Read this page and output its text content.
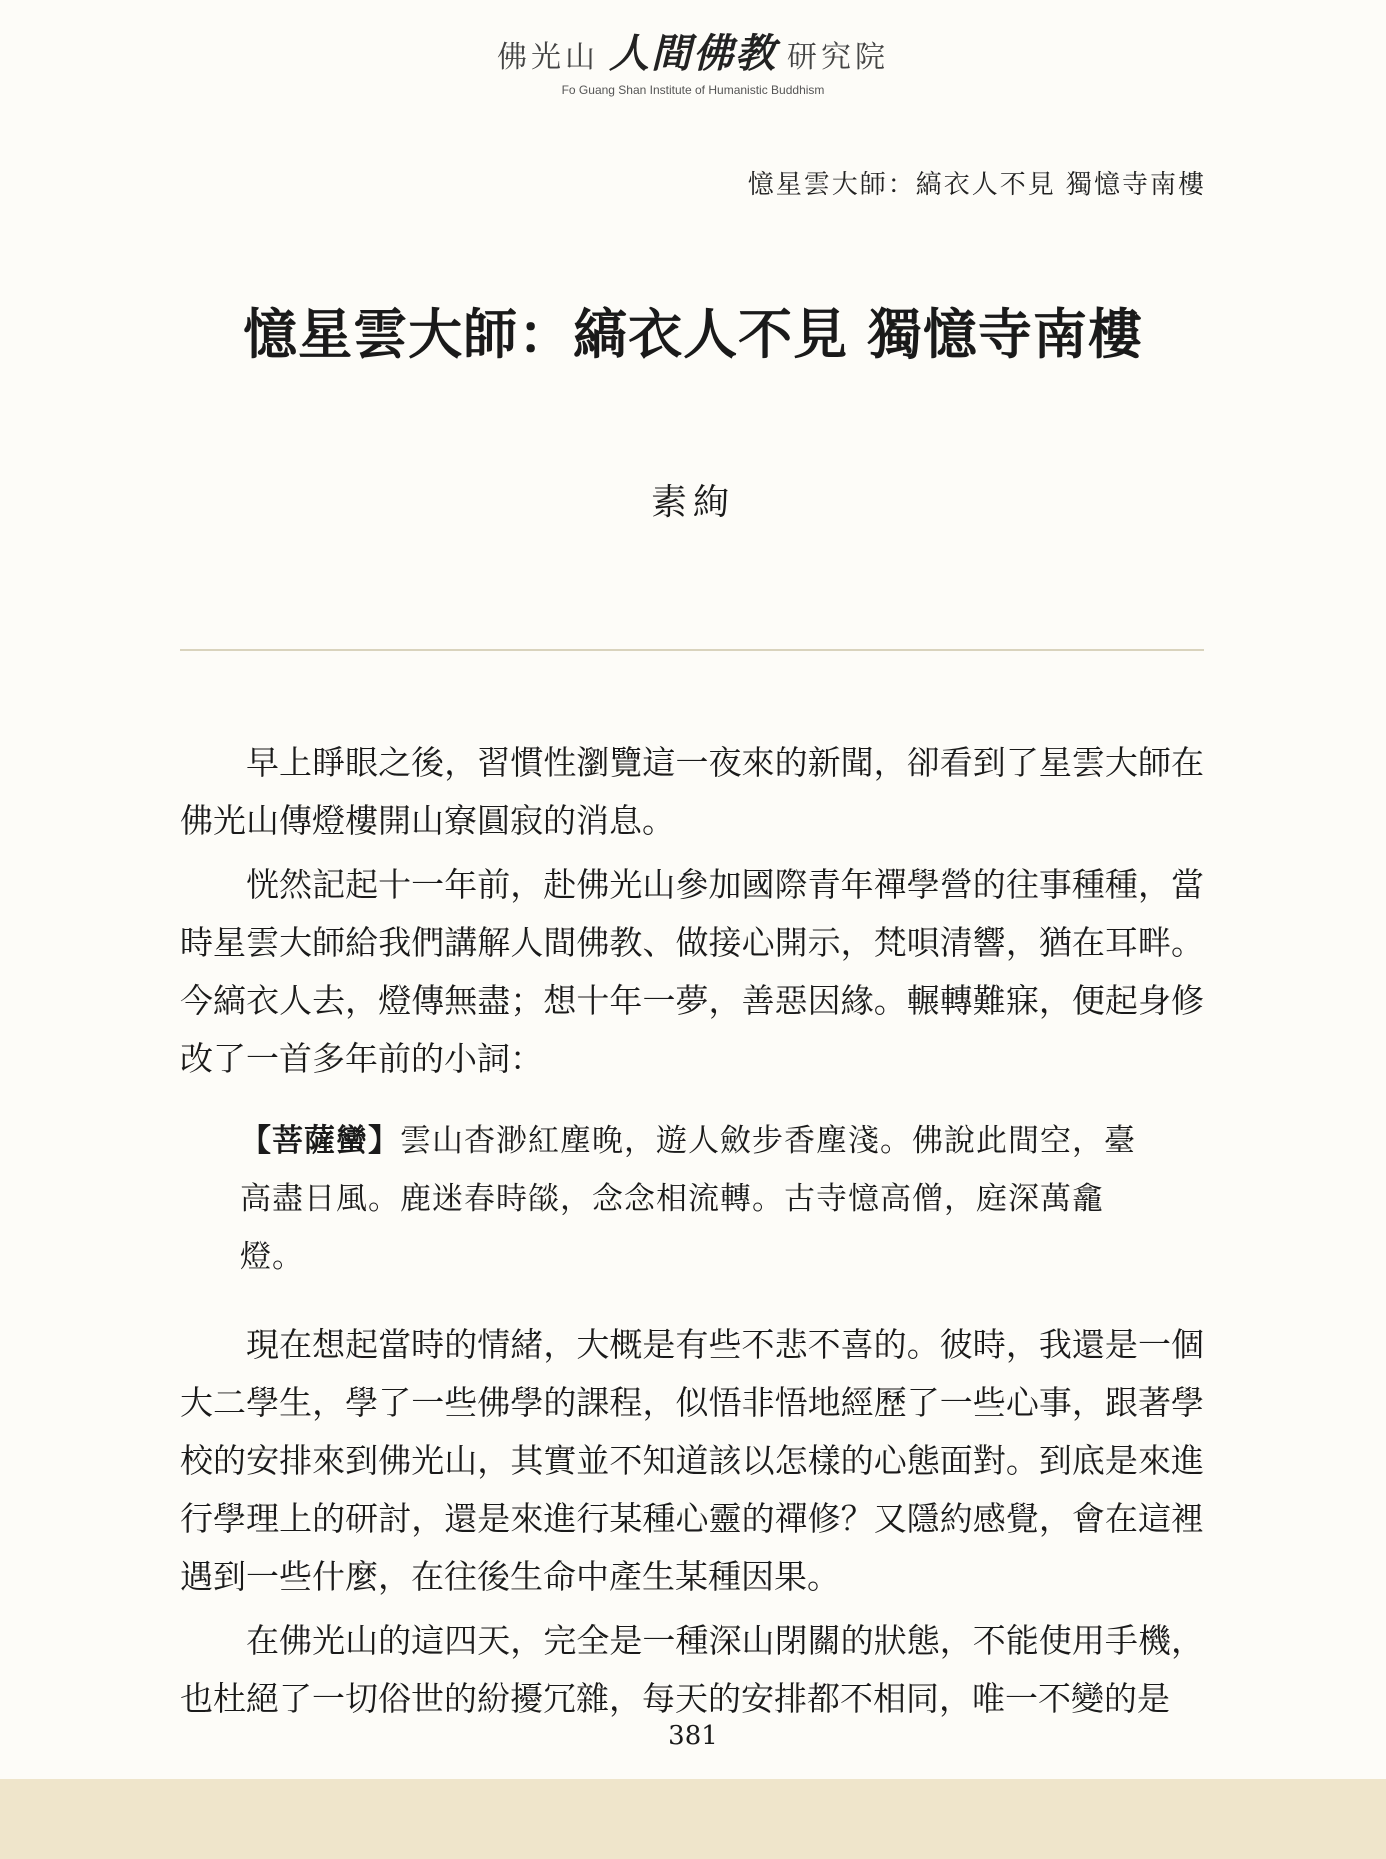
佛光山 人間佛教 研究院
Fo Guang Shan Institute of Humanistic Buddhism
憶星雲大師：縞衣人不見 獨憶寺南樓
憶星雲大師：縞衣人不見 獨憶寺南樓
素絢

早上睜眼之後，習慣性瀏覽這一夜來的新聞，卻看到了星雲大師在佛光山傳燈樓開山寮圓寂的消息。

恍然記起十一年前，赴佛光山參加國際青年禪學營的往事種種，當時星雲大師給我們講解人間佛教、做接心開示，梵唄清響，猶在耳畔。今縞衣人去，燈傳無盡；想十年一夢，善惡因緣。輾轉難寐，便起身修改了一首多年前的小詞：

【菩薩蠻】雲山杳渺紅塵晚，遊人斂步香塵淺。佛說此間空，臺高盡日風。鹿迷春時燄，念念相流轉。古寺憶高僧，庭深萬龕燈。

現在想起當時的情緒，大概是有些不悲不喜的。彼時，我還是一個大二學生，學了一些佛學的課程，似悟非悟地經歷了一些心事，跟著學校的安排來到佛光山，其實並不知道該以怎樣的心態面對。到底是來進行學理上的研討，還是來進行某種心靈的禪修？又隱約感覺，會在這裡遇到一些什麼，在往後生命中產生某種因果。

在佛光山的這四天，完全是一種深山閉關的狀態，不能使用手機，也杜絕了一切俗世的紛擾冗雜，每天的安排都不相同，唯一不變的是

381
